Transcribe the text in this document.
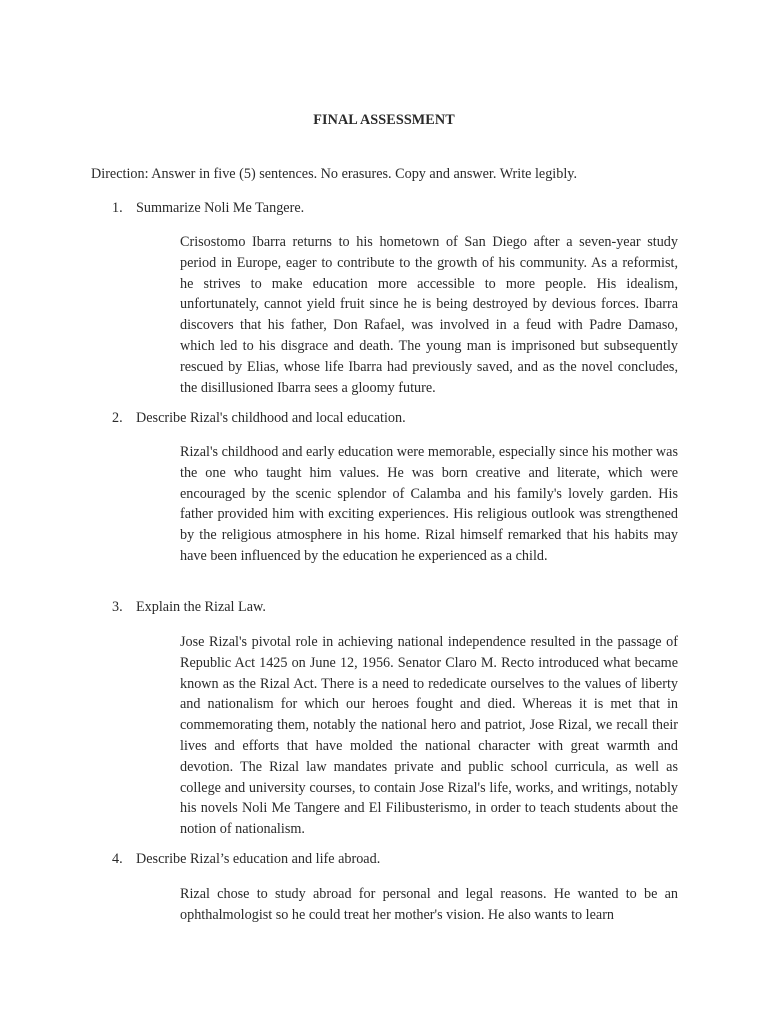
FINAL ASSESSMENT

Direction: Answer in five (5) sentences. No erasures. Copy and answer. Write legibly.

1. Summarize Noli Me Tangere.

Crisostomo Ibarra returns to his hometown of San Diego after a seven-year study period in Europe, eager to contribute to the growth of his community. As a reformist, he strives to make education more accessible to more people. His idealism, unfortunately, cannot yield fruit since he is being destroyed by devious forces. Ibarra discovers that his father, Don Rafael, was involved in a feud with Padre Damaso, which led to his disgrace and death. The young man is imprisoned but subsequently rescued by Elias, whose life Ibarra had previously saved, and as the novel concludes, the disillusioned Ibarra sees a gloomy future.

2. Describe Rizal's childhood and local education.

Rizal's childhood and early education were memorable, especially since his mother was the one who taught him values. He was born creative and literate, which were encouraged by the scenic splendor of Calamba and his family's lovely garden. His father provided him with exciting experiences. His religious outlook was strengthened by the religious atmosphere in his home. Rizal himself remarked that his habits may have been influenced by the education he experienced as a child.

3. Explain the Rizal Law.

Jose Rizal's pivotal role in achieving national independence resulted in the passage of Republic Act 1425 on June 12, 1956. Senator Claro M. Recto introduced what became known as the Rizal Act. There is a need to rededicate ourselves to the values of liberty and nationalism for which our heroes fought and died. Whereas it is met that in commemorating them, notably the national hero and patriot, Jose Rizal, we recall their lives and efforts that have molded the national character with great warmth and devotion. The Rizal law mandates private and public school curricula, as well as college and university courses, to contain Jose Rizal's life, works, and writings, notably his novels Noli Me Tangere and El Filibusterismo, in order to teach students about the notion of nationalism.

4. Describe Rizal’s education and life abroad.

Rizal chose to study abroad for personal and legal reasons. He wanted to be an ophthalmologist so he could treat her mother's vision. He also wants to learn
